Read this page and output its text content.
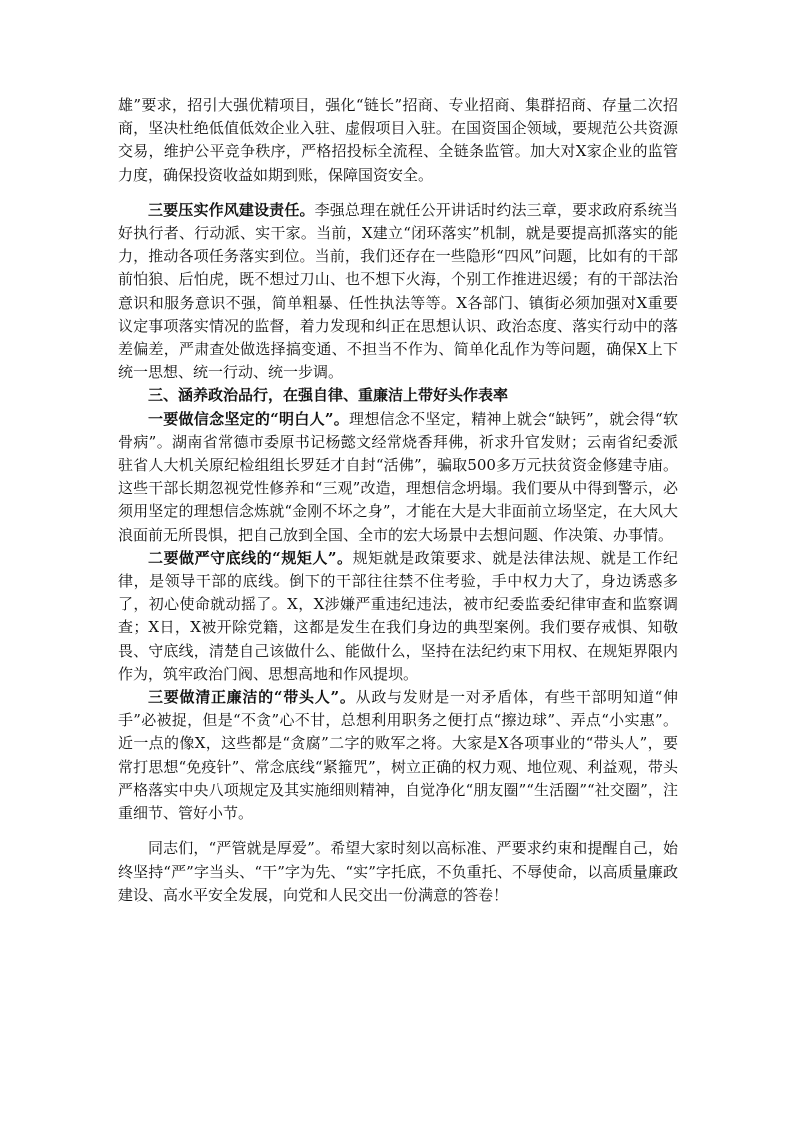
雄”要求，招引大强优精项目，强化“链长”招商、专业招商、集群招商、存量二次招商，坚决杜绝低值低效企业入驻、虚假项目入驻。在国资国企领域，要规范公共资源交易，维护公平竞争秩序，严格招投标全流程、全链条监管。加大对X家企业的监管力度，确保投资收益如期到账，保障国资安全。

三要压实作风建设责任。李强总理在就任公开讲话时约法三章，要求政府系统当好执行者、行动派、实干家。当前，X建立“闭环落实”机制，就是要提高抓落实的能力，推动各项任务落实到位。当前，我们还存在一些隐形“四风”问题，比如有的干部前怕狼、后怕虎，既不想过刀山、也不想下火海，个别工作推进迟缓；有的干部法治意识和服务意识不强，简单粗暴、任性执法等等。X各部门、镇街必须加强对X重要议定事项落实情况的监督，着力发现和纠正在思想认识、政治态度、落实行动中的落差偏差，严肃查处做选择搞变通、不担当不作为、简单化乱作为等问题，确保X上下统一思想、统一行动、统一步调。

三、涵养政治品行，在强自律、重廉洁上带好头作表率

一要做信念坚定的“明白人”。理想信念不坚定，精神上就会“缺钙”，就会得“软骨病”。湖南省常德市委原书记杨懿文经常烧香拜佛，祈求升官发财；云南省纪委派驻省人大机关原纪检组组长罗廷才自封“活佛”，骗取500多万元扶贫资金修建寺庙。这些干部长期忽视党性修养和“三观”改造，理想信念坍塌。我们要从中得到警示，必须用坚定的理想信念炼就“金刚不坏之身”，才能在大是大非面前立场坚定，在大风大浪面前无所畏惧，把自己放到全国、全市的宏大场景中去想问题、作决策、办事情。

二要做严守底线的“规矩人”。规矩就是政策要求、就是法律法规、就是工作纪律，是领导干部的底线。倒下的干部往往禁不住考验，手中权力大了，身边诱惑多了，初心使命就动摇了。X，X涉嫌严重违纪违法，被市纪委监委纪律审查和监察调查；X日，X被开除党籍，这都是发生在我们身边的典型案例。我们要存戒惧、知敬畏、守底线，清楚自己该做什么、能做什么，坚持在法纪约束下用权、在规矩界限内作为，筑牢政治门阀、思想高地和作风提坝。

三要做清正廉洁的“带头人”。从政与发财是一对矛盾体，有些干部明知道“伸手”必被捉，但是“不贪”心不甘，总想利用职务之便打点“擦边球”、弄点“小实惠”。近一点的像X，这些都是“贪腐”二字的败军之将。大家是X各项事业的“带头人”，要常打思想“免疫针”、常念底线“紧箍咒”，树立正确的权力观、地位观、利益观，带头严格落实中央八项规定及其实施细则精神，自觉净化“朋友圈”“生活圈”“社交圈”，注重细节、管好小节。

同志们，“严管就是厚爱”。希望大家时刻以高标准、严要求约束和提醒自己，始终坚持“严”字当头、“干”字为先、“实”字托底，不负重托、不辱使命，以高质量廉政建设、高水平安全发展，向党和人民交出一份满意的答卷！
